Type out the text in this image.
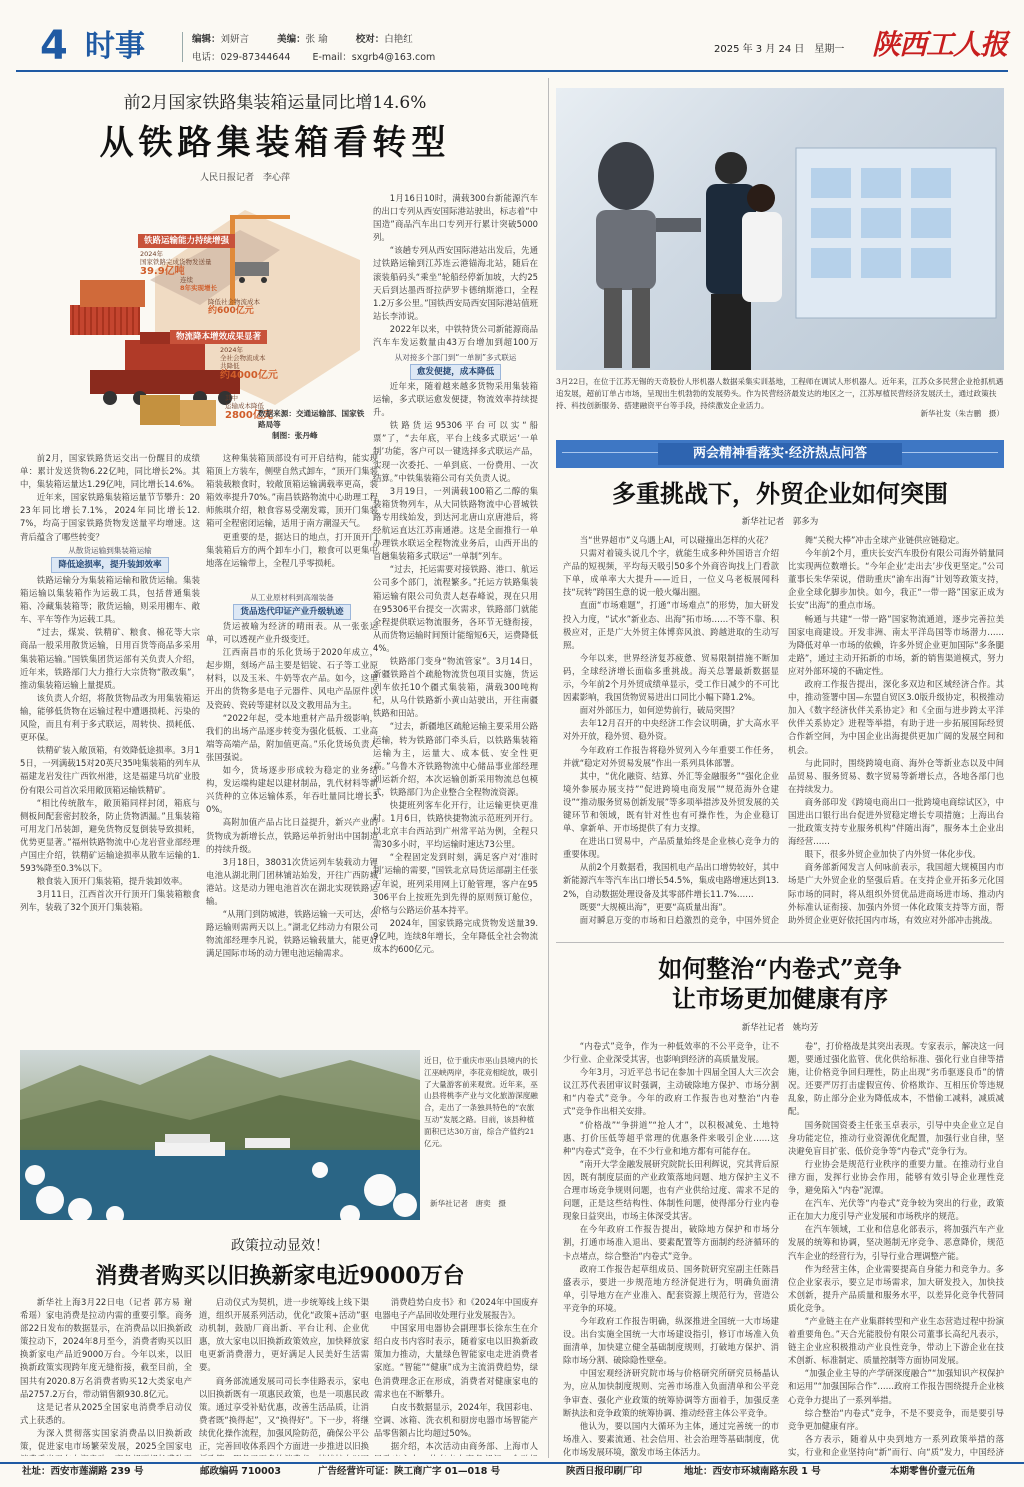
4 时事	编辑：刘妍言	美编：张 瑜	校对：白艳红
电话：029-87344644 E-mail：sxgrb4@163.com
2025 年 3 月 24 日　星期一 陕西工人报
前2月国家铁路集装箱运量同比增14.6%
从铁路集装箱看转型
人民日报记者　李心萍
铁路运输能力持续增强
2024年
国家铁路完成货物发送量
39.9亿吨
连续
8年实现增长
降低社会物流成本
约600亿元
物流降本增效成果显著
2024年
全社会物流成本
共降低
约4000亿元
其中
运输成本降低
2800亿元
数据来源：交通运输部、国家铁路局等
制图：张丹峰

前2月，国家铁路货运交出一份醒目的成绩单：累计发送货物6.22亿吨，同比增长2%。其中，集装箱运量达1.29亿吨，同比增长14.6%。

近年来，国家铁路集装箱运量节节攀升：2023年同比增长7.1%，2024年同比增长12.7%，均高于国家铁路货物发送量平均增速。这背后蕴含了哪些转变？

从散货运输到集装箱运输
降低途损率，提升装卸效率

铁路运输分为集装箱运输和散货运输。集装箱运输以集装箱作为运载工具，包括普通集装箱、冷藏集装箱等；散货运输，则采用棚车、敞车、平车等作为运载工具。

“过去，煤炭、铁精矿、粮食、棉花等大宗商品一般采用散货运输，日用百货等商品多采用集装箱运输。”国铁集团货运部有关负责人介绍，近年来，铁路部门大力推行大宗货物“散改集”，推动集装箱运输上量提质。

该负责人介绍，将散货物品改为用集装箱运输，能够低货物在运输过程中遭遇损耗、污染的风险，而且有利于多式联运，周转快、损耗低、更环保。

铁精矿装入敞顶箱，有效降低途损率。3月15日，一列满载15对20英尺35吨集装箱的列车从福建龙岩发往广西钦州港，这是福建马坑矿业股份有限公司首次采用敞顶箱运输铁精矿。

“相比传统散车，敞顶箱同样封闭，箱底与侧板间配套密封胶条，防止货物洒漏。”且集装箱可用龙门吊装卸，避免货物反复倒装导致损耗，优势更显著。”福州铁路物流中心龙岩营业部经理卢国庄介绍，铁精矿运输途损率从散车运输的1.593%降至0.3%以下。

粮食装入顶开门集装箱，提升装卸效率。

3月11日，江西首次开行顶开门集装箱粮食列车，装载了32个顶开门集装箱。

这种集装箱顶部设有可开启结构，能实现箱顶上方装车，侧壁自然式卸车，“顶开门集装箱装载粮食时，较敞顶箱运输满载率更高，装箱效率提升70%。”南昌铁路物流中心助理工程师熊琪介绍，粮食容易受潮发霉，顶开门集装箱可全程密闭运输，适用于南方潮湿天气。

更重要的是，据达日的地点，打开顶开门集装箱后方的两个卸车小门，粮食可以更集中地落在运输带上，全程几乎零损耗。

从工业原材料到高端装备
货品迭代印证产业升级轨迹

货运被喻为经济的晴雨表。从一张张运单，可以透视产业升级变迁。

江西南昌市的乐化货场于2020年成立，起步期，刻场产品主要是铝锭、石子等工业原材料，以及玉米、牛奶等农产品。如今，这里开出的货物多是电子元器件、风电产品原件以及瓷砖、瓷砖等建材以及文教用品为主。

“2022年起，受本地重材产品升级影响，我们的出场产品逐步转变为强化低板、工业高端等高端产品，附加值更高。”乐化货场负责人张国强说。

如今，货场逐步形成较为稳定的业务结构，发运端构建起以建材制品，乳代材料等新兴货种的立体运输体系，年吞吐量同比增长30%。

高附加值产品占比日益提升，新兴产业的货物成为新增长点，铁路运单折射出中国制造的持续升级。

3月18日，38031次货运列车装载动力锂电池从湖北荆门团林铺站始发，开往广西防城港站。这是动力锂电池首次在湖北实现铁路运输。

“从荆门到防城港，铁路运输一天可达，公路运输则需两天以上。”湖北亿纬动力有限公司物流部经理李凡说，铁路运输载量大，能更好满足国际市场的动力锂电池运输需求。

1月16日10时，满载300台新能源汽车的出口专列从西安国际港站驶出，标志着“中国造”商品汽车出口专列开行累计突破5000列。

“该趟专列从西安国际港站出发后，先通过铁路运输到江苏连云港锚海北站，随后在滚装船码头“乘坐”轮船经停新加坡，大约25天后到达墨西哥拉萨罗卡德纳斯港口，全程1.2万多公里。”国铁西安局西安国际港站值班站长李沛说。

2022年以来，中铁特货公司新能源商品汽车车发运数量由43万台增加到超100万

从对接多个部门到“一单制”多式联运
愈发便捷，成本降低

近年来，随着越来越多货物采用集装箱运输，多式联运愈发便捷，物流效率持续提升。

铁路货运95306平台可以实“船票”了，“去年底，平台上线多式联运‘一单制’功能，客户可以一键选择多式联运产品，实现一次委托、一单到底、一份费用、一次结算。”中铁集装箱公司有关负责人说。

3月19日，一列满载100箱乙二醇的集装箱货物列车，从大同铁路物流中心晋城铁路专用线始发，到达河北唐山京唐港后，将经航运直达江苏南通港。这是全面推行一单办理铁水联运全程物流业务后，山西开出的首趟集装箱多式联运“一单制”列车。

“过去，托运需要对接铁路、港口、航运公司多个部门，流程繁多。”托运方铁路集装箱运输有限公司负责人赵春峰说，现在只用在95306平台提交一次需求，铁路部门就能全程提供联运物流服务，各环节无缝衔接，从而货物运输时间预计能缩短6天，运费降低4%。

铁路部门变身“物流管家”。3月14日，新疆铁路首个疏舱物流货包项目实施，货运列车依托10个疆式集装箱，满载300吨枸杞，从乌什铁路新小黄山站驶出，开往南疆铁路和田站。

“过去，新疆地区疏舱运输主要采用公路运输，转为铁路部门牵头后，以铁路集装箱运输为主，运量大、成本低、安全性更高。”乌鲁木齐铁路物流中心储品事业部经理刘运新介绍，本次运输创新采用物流总包模式，铁路部门为企业整合全程物流资源。

快捷班列客车化开行，让运输更快更准时。1月6日，铁路快捷物流示范班列开行。以北京丰台西站到广州常平站为例，全程只需30多小时，平均运输时速达73公里。

“全程固定发到时刻，满足客户对‘准时制’运输的需要，”国铁北京局货运部副主任张万年说，班列采用网上订舱管理，客户在95306平台上按班先到先得的原则预订舱位，价格与公路运价基本持平。

2024年，国家铁路完成货物发送量39.9亿吨，连续8年增长，全年降低全社会物流成本约600亿元。

近日，位于重庆市巫山县境内的长江巫峡两岸，李花竞相绽放，吸引了大量游客前来观赏。近年来，巫山县将桃李产业与文化旅游深度融合，走出了一条独具特色的“农旅互动”发展之路。目前，该县种植面积已达30万亩，综合产值约21亿元。
新华社记者　唐奕　摄
政策拉动显效！
消费者购买以旧换新家电近9000万台

新华社上海3月22日电（记者 郭方易 谢希瑶）家电消费是拉动内需的重要引擎。商务部22日发布的数据显示，在消费品以旧换新政策拉动下，2024年8月至今，消费者购买以旧换新家电产品近9000万台。今年以来，以旧换新政策实现跨年度无缝衔接，截至目前，全国共有2020.8万名消费者购买12大类家电产品2757.2万台，带动销售额930.8亿元。

这是记者从2025全国家电消费季启动仪式上获悉的。

为深入贯彻落实国家消费品以旧换新政策，促进家电市场繁荣发展，2025全国家电

启动仪式为契机，进一步统筹线上线下渠道，组织开展系列活动，优化“政策+活动”驱动机制，鼓励厂商出新、平台让利、企业优惠，放大家电以旧换新政策效应，加快释放家电更新消费潜力，更好满足人民美好生活需要。

商务部流通发展司司长李佳路表示，家电以旧换新既有一项惠民政策，也是一项惠民政策。通过享受补贴优惠，改善生活品质，让消费者既“换得起”，又“换得好”。下一步，将继续优化操作流程，加强风险防范，确保公平公正，完善回收体系四个方面进一步推进以旧换

消费趋势白皮书》和《2024年中国废弃电器电子产品回收处理行业发展报告》。

中国家用电器协会副理事长徐东生在介绍白皮书内容时表示，随着家电以旧换新政策加力推动，大量绿色智能家电走进消费者家庭。“智能”“健康”成为主流消费趋势，绿色消费理念正在形成，消费者对健康家电的需求也在不断攀升。

白皮书数据显示，2024年，我国彩电、空调、冰箱、洗衣机和厨房电器市场智能产品零售额占比均超过50%。

据介绍，本次活动由商务部、上海市人

3月22日，在位于江苏无锡的天奇股份人形机器人数据采集实训基地，工程师在调试人形机器人。近年来，江苏众多民营企业抢抓机遇追发展，超前订单占市场，呈现出生机勃勃的发展势头。作为民营经济最发达的地区之一，江苏厚植民营经济发展沃土，通过政策扶持、科技创新服务、搭建融资平台等手段，持续激发企业活力。
新华社发（朱吉鹏　摄）
两会精神看落实·经济热点问答
多重挑战下，外贸企业如何突围
新华社记者　郭多为

当“世界超市”义乌遇上AI，可以碰撞出怎样的火花？

只需对着镜头说几个字，就能生成多种外国语言介绍产品的短视频，平均每天吸引50多个外商咨询找上门看款下单，成单率大大提升——近日，一位义乌老板展闻科技“玩转”跨国生意的说一般火爆出圈。

直面“市场难题”，打通“市场难点”的形势，加大研发投入力度，“试水”新业态、出海”拓市场……不等不靠、积极应对，正是广大外贸主体博弈风浪、跨越进取的生动写照。

今年以来，世界经济复苏疲惫、贸易限制措施不断加码，全球经济增长面临多重挑战。海关总署最新数据显示，今年前2个月外贸成绩单显示，受工作日减少的不可比因素影响，我国货物贸易进出口同比小幅下降1.2%。

面对外部压力，如何逆势前行，破局突围？

去年12月召开的中央经济工作会议明确，扩大高水平对外开放，稳外贸、稳外资。

今年政府工作报告将稳外贸列入今年重要工作任务，并就“稳定对外贸易发展”作出一系列具体部署。

其中，“优化融资、结算、外汇等金融服务”“强化企业境外参展办展支持”“促进跨境电商发展”“规范海外仓建设”“推动服务贸易创新发展”等多项举措涉及外贸发展的关键环节和领域，既有针对性也有可操作性，为企业稳订单、拿新单、开市场提供了有力支撑。

在进出口贸易中，产品质量始终是企业核心竞争力的重要体现。

从前2个月数据看，我国机电产品出口增势较好，其中新能源汽车等汽车出口增长54.5%，集成电路增速达到13.2%，自动数据处理设备及其零部件增长11.7%……

既要“大规模出海”，更要“高质量出海”。

面对瞬息万变的市场和日趋激烈的竞争，中国外贸企

舞“关税大棒”冲击全球产业链供应链稳定。

今年前2个月，重庆长安汽车股份有限公司海外销量同比实现两位数增长。“今年企业‘走出去’步伐更坚定。”公司董事长朱华荣说，借助重庆“渝车出海”计划等政策支持，企业全球化脚步加快。如今，我正“一带一路”国家正成为长安“出海”的重点市场。

畅通与共建“一带一路”国家物流通道，逐步完善拉美国家电商建设。开发非洲、南太平洋岛国等市场潜力……为降低对单一市场的依赖，许多外贸企业更加国际“多条腿走路”，通过主动开拓新的市场，新的销售渠道模式，努力应对外部环境的不确定性。

政府工作报告提出，深化多双边和区域经济合作。其中，推动签署中国—东盟自贸区3.0版升级协定，积极推动加入《数字经济伙伴关系协定》和《全面与进步跨太平洋伙伴关系协定》进程等举措，有助于进一步拓展国际经贸合作新空间，为中国企业出海提供更加广阔的发展空间和机会。

与此同时，围绕跨境电商、海外仓等新业态以及中间品贸易、服务贸易、数字贸易等新增长点，各地各部门也在持续发力。

商务部印发《跨境电商出口一批跨境电商综试区》，中国进出口银行出台促进外贸稳定增长专项措施；上海出台一批政策支持专业服务机构“伴随出海”，服务本土企业出海经营……

眼下，很多外贸企业加快了内外贸一体化步伐。

商务部新闻发言人何咏前表示，我国超大规模国内市场是广大外贸企业的坚强后盾。在支持企业开拓多元化国际市场的同时，将从组织外贸优品进商场进市场、推动内外标准认证衔接、加强内外贸一体化政策支持等方面，帮助外贸企业更好依托国内市场，有效应对外部冲击挑战。

如何整治“内卷式”竞争
让市场更加健康有序
新华社记者　姚均芳

“内卷式”竞争，作为一种低效率的不公平竞争，让不少行业、企业深受其害，也影响到经济的高质量发展。

今年3月，习近平总书记在参加十四届全国人大三次会议江苏代表团审议时强调，主动破除地方保护、市场分割和“内卷式”竞争。今年的政府工作报告也对整治“内卷式”竞争作出相关安排。

“价格战”“争拼道”“抢人才”，以积极减免、土地特惠、打价压低等超乎常理的优惠条件来吸引企业……这种“内卷式”竞争，在不少行业和地方都有可能存在。

“南开大学金融发展研究院院长田利辉说，究其背后原因，既有制度层面的产业政策落地问题、地方保护主义不合理市场竞争规则问题，也有产业供给过度、需求不足的问题，正是这些结构性、体制性问题，使得部分行业内卷现象日益突出，市场主体深受其害。

在今年政府工作报告提出，破除地方保护和市场分割，打通市场准入退出、要素配置等方面制约经济循环的卡点堵点，综合整治“内卷式”竞争。

政府工作报告起草组成员、国务院研究室副主任陈昌盛表示，要进一步规范地方经济促进行为，明确负面清单，引导地方在产业准入、配套资源上规范行为，营造公平竞争的环境。

今年政府工作报告明确，纵深推进全国统一大市场建设。出台实施全国统一大市场建设指引，修订市场准入负面清单，加快建立健全基础制度规则，打破地方保护、消除市场分割、破除隐性壁垒。

中国宏观经济研究院市场与价格研究所研究员杨晶认为，应从加快制度规则、完善市场准入负面清单和公平竞争审查、强化产业政策的统筹协调等方面着手，加强反垄断执法和竞争政策的统筹协调、推动经营主体公平竞争。

他认为，要以国内大循环为主体，通过完善统一的市场准入、要素流通、社会信用、社会治理等基础制度，优化市场发展环境，激发市场主体活力。

卷”，打价格战是其突出表现。专家表示，解决这一问题，要通过强化监管、优化供给标准、强化行业自律等措施，让价格竞争回归理性，防止出现“劣币驱逐良币”的情况。还要严厉打击虚假宣传、价格欺诈、互相压价等违规乱象，防止部分企业为降低成本，不惜偷工减料，减质减配。

国务院国资委主任张玉卓表示，引导中央企业立足自身功能定位，推动行业资源优化配置，加强行业自律，坚决避免盲目扩张、低价竞争等“内卷式”竞争行为。

行业协会是规范行业秩序的重要力量。在推动行业自律方面，发挥行业协会作用，能够有效引导企业理性竞争，避免陷入“内卷”泥潭。

在汽车、光伏等“内卷式”竞争较为突出的行业，政策正在加大力度引导产业发展和市场秩序的规范。

在汽车领域，工业和信息化部表示，将加强汽车产业发展的统筹和协调，坚决遏制无序竞争、恶意降价，规范汽车企业的经营行为，引导行业合理调整产能。

作为经营主体，企业需要提高自身能力和竞争力。多位企业家表示，要立足市场需求，加大研发投入，加快技术创新，提升产品质量和服务水平，以差异化竞争代替同质化竞争。

“产业链主在产业集群转型和产业生态营造过程中扮演着重要角色。”天合光能股份有限公司董事长高纪凡表示，链主企业应积极推动产业良性竞争，带动上下游企业在技术创新、标准制定、质量控制等方面协同发展。

“加强企业主导的产学研深度融合”“加强知识产权保护和运用”“加强国际合作”……政府工作报告围绕提升企业核心竞争力提出了一系列举措。

综合整治“内卷式”竞争，不是不要竞争，而是要引导竞争更加健康有序。

各方表示，随着从中央到地方一系列政策举措的落实，行业和企业坚持向“新”而行、向“质”发力，中国经济

社址：西安市莲湖路 239 号	邮政编码 710003	广告经营许可证：陕工商广字 01—018 号	陕西日报印刷厂印	地址：西安市环城南路东段 1 号	本期零售价壹元伍角
